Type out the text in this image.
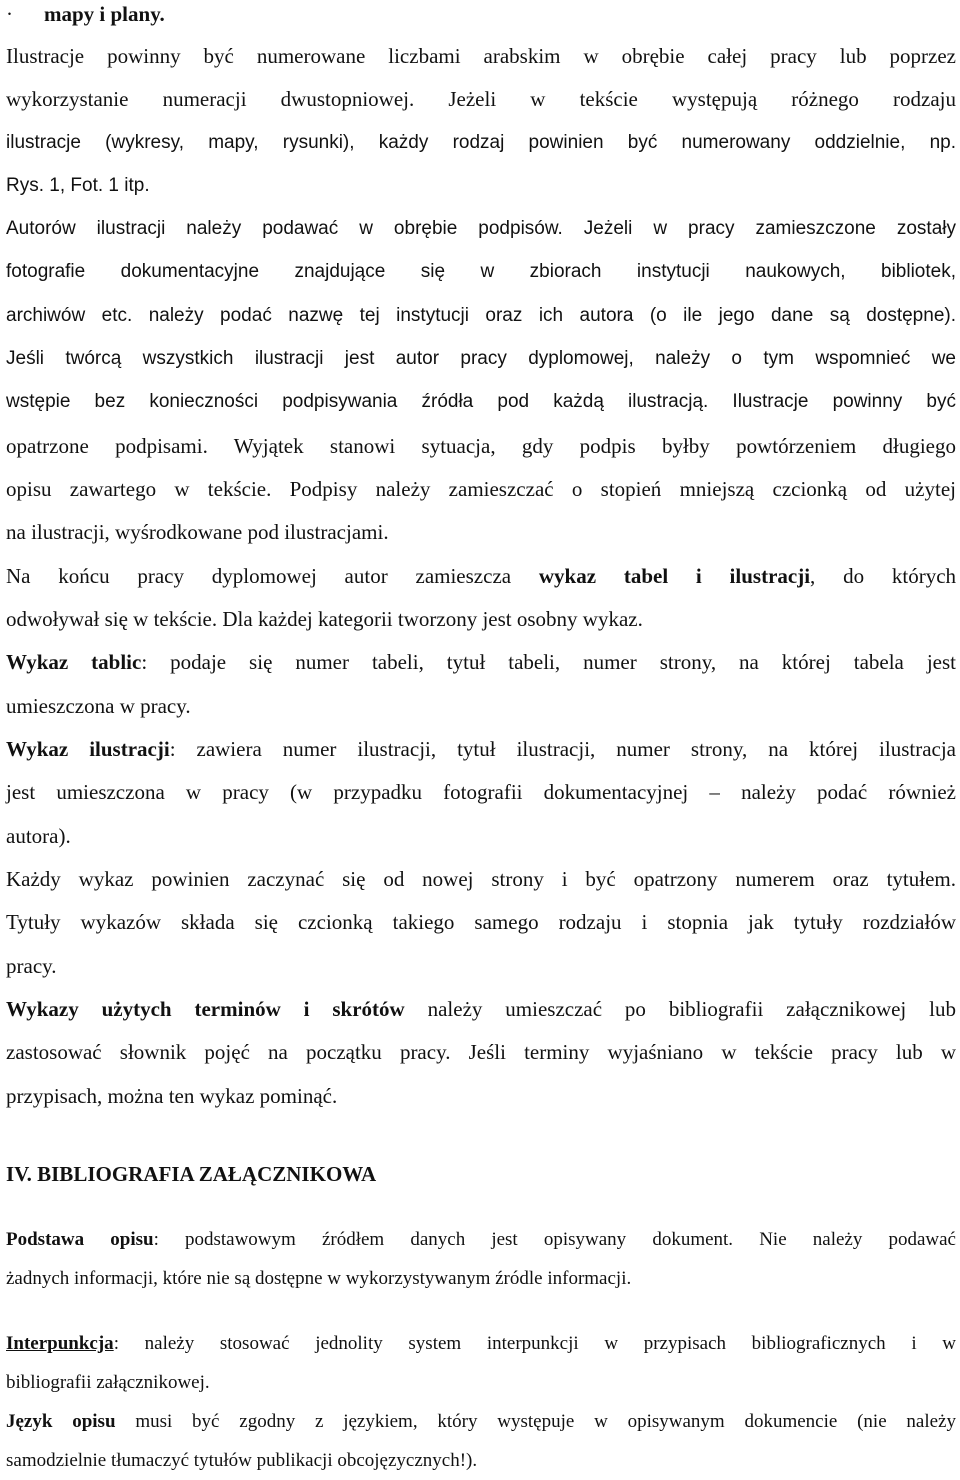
· mapy i plany.
Ilustracje powinny być numerowane liczbami arabskim w obrębie całej pracy lub poprzez
wykorzystanie numeracji dwustopniowej. Jeżeli w tekście występują różnego rodzaju
ilustracje (wykresy, mapy, rysunki), każdy rodzaj powinien być numerowany oddzielnie, np.
Rys. 1, Fot. 1 itp.
Autorów ilustracji należy podawać w obrębie podpisów. Jeżeli w pracy zamieszczone zostały
fotografie dokumentacyjne znajdujące się w zbiorach instytucji naukowych, bibliotek,
archiwów etc. należy podać nazwę tej instytucji oraz ich autora (o ile jego dane są dostępne).
Jeśli twórcą wszystkich ilustracji jest autor pracy dyplomowej, należy o tym wspomnieć we
wstępie bez konieczności podpisywania źródła pod każdą ilustracją. Ilustracje powinny być
opatrzone podpisami. Wyjątek stanowi sytuacja, gdy podpis byłby powtórzeniem długiego
opisu zawartego w tekście. Podpisy należy zamieszczać o stopień mniejszą czcionką od użytej
na ilustracji, wyśrodkowane pod ilustracjami.
Na końcu pracy dyplomowej autor zamieszcza wykaz tabel i ilustracji, do których
odwoływał się w tekście. Dla każdej kategorii tworzony jest osobny wykaz.
Wykaz tablic: podaje się numer tabeli, tytuł tabeli, numer strony, na której tabela jest
umieszczona w pracy.
Wykaz ilustracji: zawiera numer ilustracji, tytuł ilustracji, numer strony, na której ilustracja
jest umieszczona w pracy (w przypadku fotografii dokumentacyjnej – należy podać również
autora).
Każdy wykaz powinien zaczynać się od nowej strony i być opatrzony numerem oraz tytułem.
Tytuły wykazów składa się czcionką takiego samego rodzaju i stopnia jak tytuły rozdziałów
pracy.
Wykazy użytych terminów i skrótów należy umieszczać po bibliografii załącznikowej lub
zastosować słownik pojęć na początku pracy. Jeśli terminy wyjaśniano w tekście pracy lub w
przypisach, można ten wykaz pominąć.
IV. BIBLIOGRAFIA ZAŁĄCZNIKOWA
Podstawa opisu: podstawowym źródłem danych jest opisywany dokument. Nie należy podawać
żadnych informacji, które nie są dostępne w wykorzystywanym źródle informacji.
Interpunkcja: należy stosować jednolity system interpunkcji w przypisach bibliograficznych i w
bibliografii załącznikowej.
Język opisu musi być zgodny z językiem, który występuje w opisywanym dokumencie (nie należy
samodzielnie tłumaczyć tytułów publikacji obcojęzycznych!).
